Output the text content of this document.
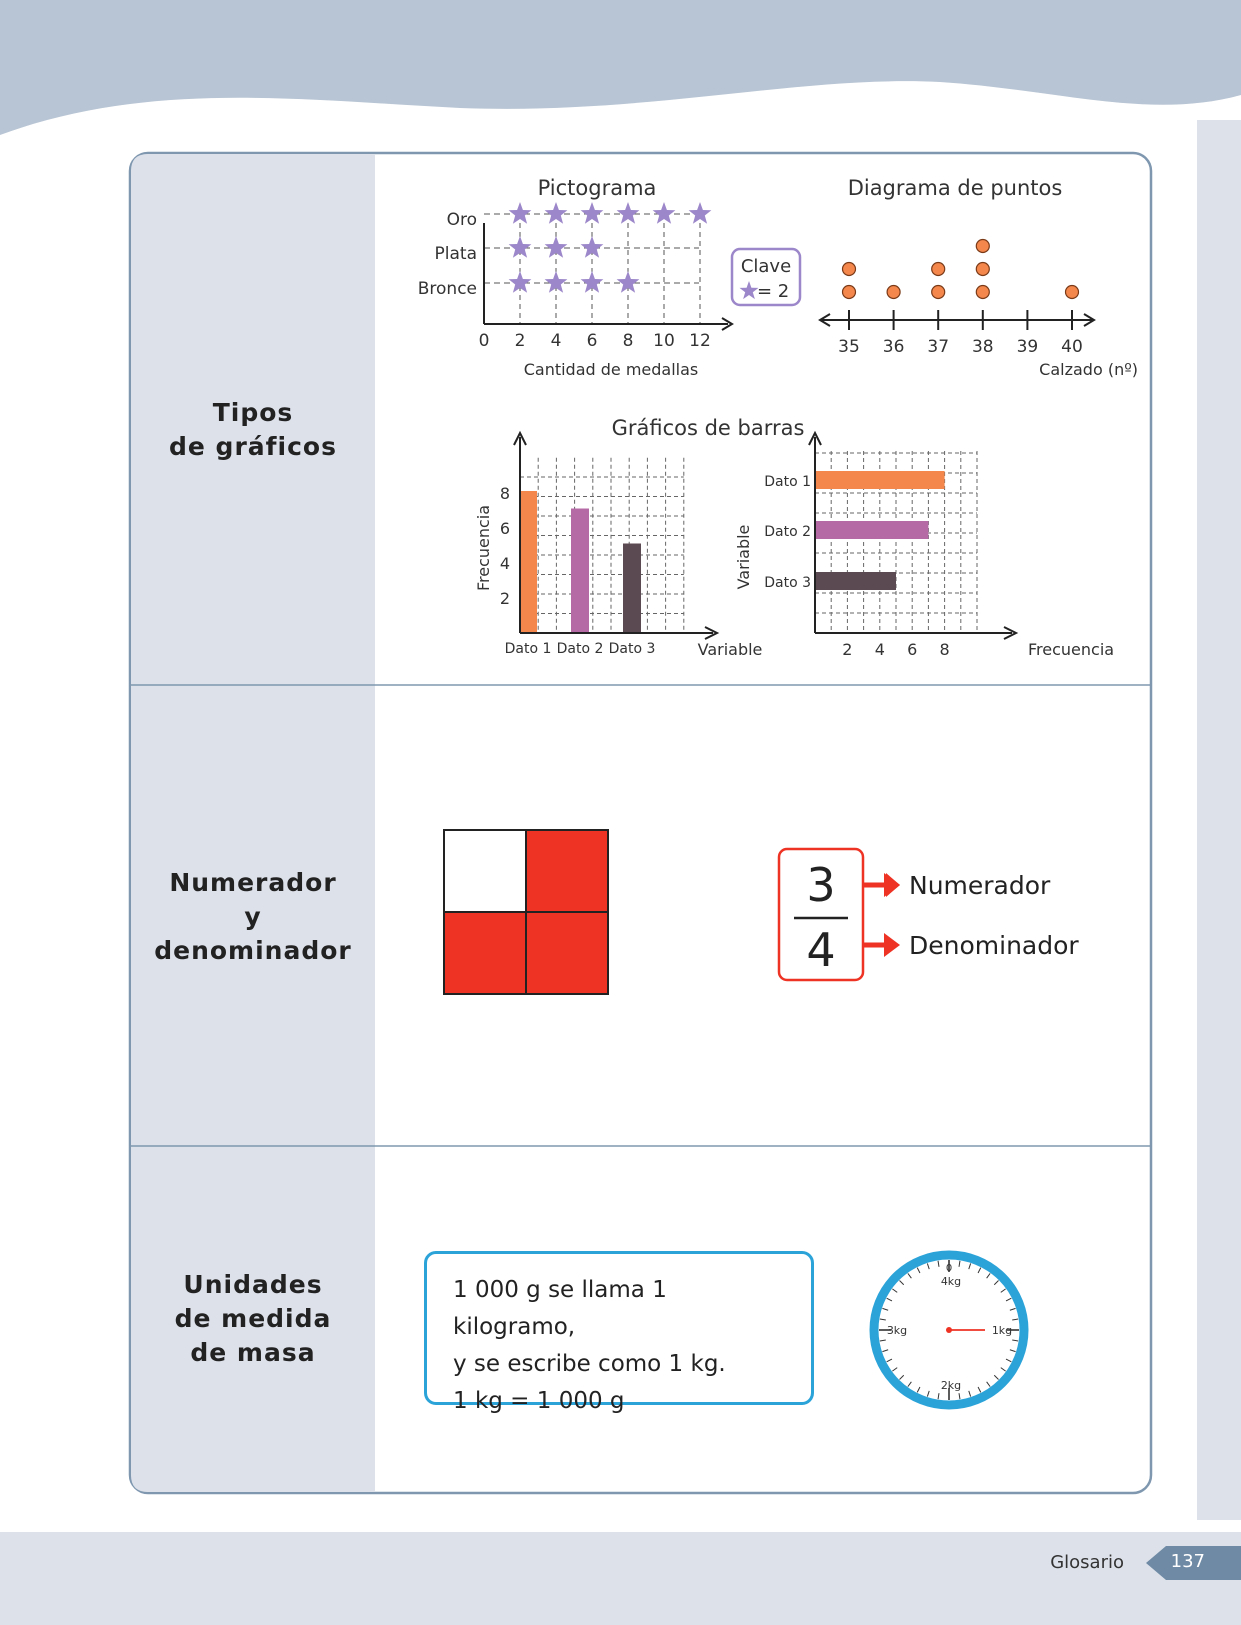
Tipos
de gráficos
Numerador
y
denominador
Unidades
de medida
de masa
Pictograma
Oro
Plata
Bronce
0 2 4 6 8 10 12
Cantidad de medallas
Clave
= 2
Diagrama de puntos
35 36 37 38 39 40
Calzado (nº)
Gráficos de barras
2
4
6
8
Dato 1 Dato 2 Dato 3
Frecuencia
Variable
Dato 1
Dato 2
Dato 3
2 4 6 8
Variable
Frecuencia
3
4
Numerador
Denominador
1 000 g se llama 1 kilogramo,
y se escribe como 1 kg.
1 kg = 1 000 g
0
4kg
1kg
2kg
3kg
Glosario	137
